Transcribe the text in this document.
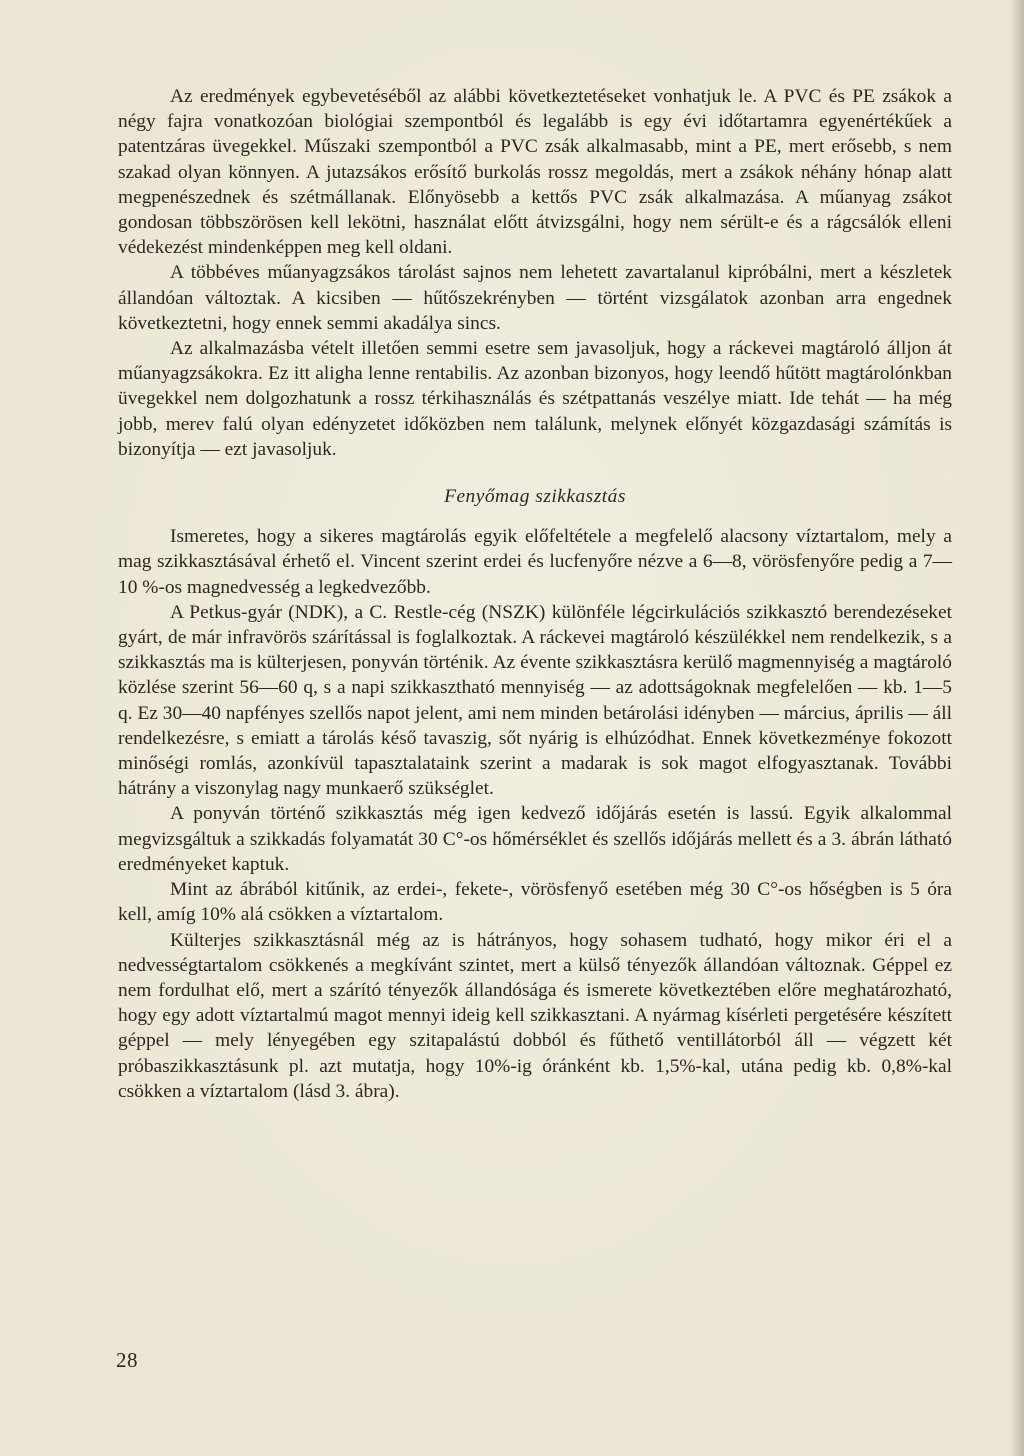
Az eredmények egybevetéséből az alábbi következtetéseket vonhatjuk le. A PVC és PE zsákok a négy fajra vonatkozóan biológiai szempontból és legalább is egy évi időtartamra egyenértékűek a patentzáras üvegekkel. Műszaki szempontból a PVC zsák alkalmasabb, mint a PE, mert erősebb, s nem szakad olyan könnyen. A jutazsákos erősítő burkolás rossz megoldás, mert a zsákok néhány hónap alatt megpenészednek és szétmállanak. Előnyösebb a kettős PVC zsák alkalmazása. A műanyag zsákot gondosan többszörösen kell lekötni, használat előtt átvizsgálni, hogy nem sérült-e és a rágcsálók elleni védekezést mindenképpen meg kell oldani.

A többéves műanyagzsákos tárolást sajnos nem lehetett zavartalanul kipróbálni, mert a készletek állandóan változtak. A kicsiben — hűtőszekrényben — történt vizsgálatok azonban arra engednek következtetni, hogy ennek semmi akadálya sincs.

Az alkalmazásba vételt illetően semmi esetre sem javasoljuk, hogy a ráckevei magtároló álljon át műanyagzsákokra. Ez itt aligha lenne rentabilis. Az azonban bizonyos, hogy leendő hűtött magtárolónkban üvegekkel nem dolgozhatunk a rossz térkihasználás és szétpattanás veszélye miatt. Ide tehát — ha még jobb, merev falú olyan edényzetet időközben nem találunk, melynek előnyét közgazdasági számítás is bizonyítja — ezt javasoljuk.

Fenyőmag szikkasztás

Ismeretes, hogy a sikeres magtárolás egyik előfeltétele a megfelelő alacsony víztartalom, mely a mag szikkasztásával érhető el. Vincent szerint erdei és lucfenyőre nézve a 6—8, vörösfenyőre pedig a 7—10 %-os magnedvesség a legkedvezőbb.

A Petkus-gyár (NDK), a C. Restle-cég (NSZK) különféle légcirkulációs szikkasztó berendezéseket gyárt, de már infravörös szárítással is foglalkoztak. A ráckevei magtároló készülékkel nem rendelkezik, s a szikkasztás ma is külterjesen, ponyván történik. Az évente szikkasztásra kerülő magmennyiség a magtároló közlése szerint 56—60 q, s a napi szikkasztható mennyiség — az adottságoknak megfelelően — kb. 1—5 q. Ez 30—40 napfényes szellős napot jelent, ami nem minden betárolási idényben — március, április — áll rendelkezésre, s emiatt a tárolás késő tavaszig, sőt nyárig is elhúzódhat. Ennek következménye fokozott minőségi romlás, azonkívül tapasztalataink szerint a madarak is sok magot elfogyasztanak. További hátrány a viszonylag nagy munkaerő szükséglet.

A ponyván történő szikkasztás még igen kedvező időjárás esetén is lassú. Egyik alkalommal megvizsgáltuk a szikkadás folyamatát 30 C°-os hőmérséklet és szellős időjárás mellett és a 3. ábrán látható eredményeket kaptuk.

Mint az ábrából kitűnik, az erdei-, fekete-, vörösfenyő esetében még 30 C°-os hőségben is 5 óra kell, amíg 10% alá csökken a víztartalom.

Külterjes szikkasztásnál még az is hátrányos, hogy sohasem tudható, hogy mikor éri el a nedvességtartalom csökkenés a megkívánt szintet, mert a külső tényezők állandóan változnak. Géppel ez nem fordulhat elő, mert a szárító tényezők állandósága és ismerete következtében előre meghatározható, hogy egy adott víztartalmú magot mennyi ideig kell szikkasztani. A nyármag kísérleti pergetésére készített géppel — mely lényegében egy szitapalástú dobból és fűthető ventillátorból áll — végzett két próbaszikkasztásunk pl. azt mutatja, hogy 10%-ig óránként kb. 1,5%-kal, utána pedig kb. 0,8%-kal csökken a víztartalom (lásd 3. ábra).

28
